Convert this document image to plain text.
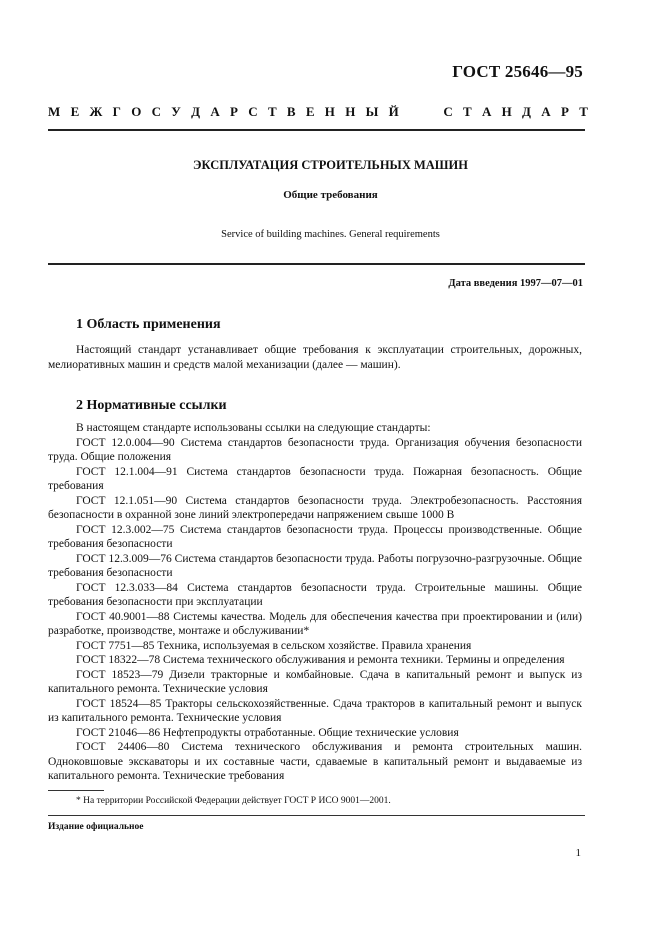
ГОСТ 25646—95
М Е Ж Г О С У Д А Р С Т В Е Н Н Ы Й	С Т А Н Д А Р Т
ЭКСПЛУАТАЦИЯ СТРОИТЕЛЬНЫХ МАШИН
Общие требования
Service of building machines. General requirements
Дата введения 1997—07—01
1 Область применения
Настоящий стандарт устанавливает общие требования к эксплуатации строительных, дорожных, мелиоративных машин и средств малой механизации (далее — машин).
2 Нормативные ссылки

В настоящем стандарте использованы ссылки на следующие стандарты:

ГОСТ 12.0.004—90 Система стандартов безопасности труда. Организация обучения безопасности труда. Общие положения

ГОСТ 12.1.004—91 Система стандартов безопасности труда. Пожарная безопасность. Общие требования

ГОСТ 12.1.051—90 Система стандартов безопасности труда. Электробезопасность. Расстояния безопасности в охранной зоне линий электропередачи напряжением свыше 1000 В

ГОСТ 12.3.002—75 Система стандартов безопасности труда. Процессы производственные. Общие требования безопасности

ГОСТ 12.3.009—76 Система стандартов безопасности труда. Работы погрузочно-разгрузочные. Общие требования безопасности

ГОСТ 12.3.033—84 Система стандартов безопасности труда. Строительные машины. Общие требования безопасности при эксплуатации

ГОСТ 40.9001—88 Системы качества. Модель для обеспечения качества при проектировании и (или) разработке, производстве, монтаже и обслуживании*

ГОСТ 7751—85 Техника, используемая в сельском хозяйстве. Правила хранения

ГОСТ 18322—78 Система технического обслуживания и ремонта техники. Термины и определения

ГОСТ 18523—79 Дизели тракторные и комбайновые. Сдача в капитальный ремонт и выпуск из капитального ремонта. Технические условия

ГОСТ 18524—85 Тракторы сельскохозяйственные. Сдача тракторов в капитальный ремонт и выпуск из капитального ремонта. Технические условия

ГОСТ 21046—86 Нефтепродукты отработанные. Общие технические условия

ГОСТ 24406—80 Система технического обслуживания и ремонта строительных машин. Одноковшовые экскаваторы и их составные части, сдаваемые в капитальный ремонт и выдаваемые из капитального ремонта. Технические требования

* На территории Российской Федерации действует ГОСТ Р ИСО 9001—2001.
Издание официальное
1
